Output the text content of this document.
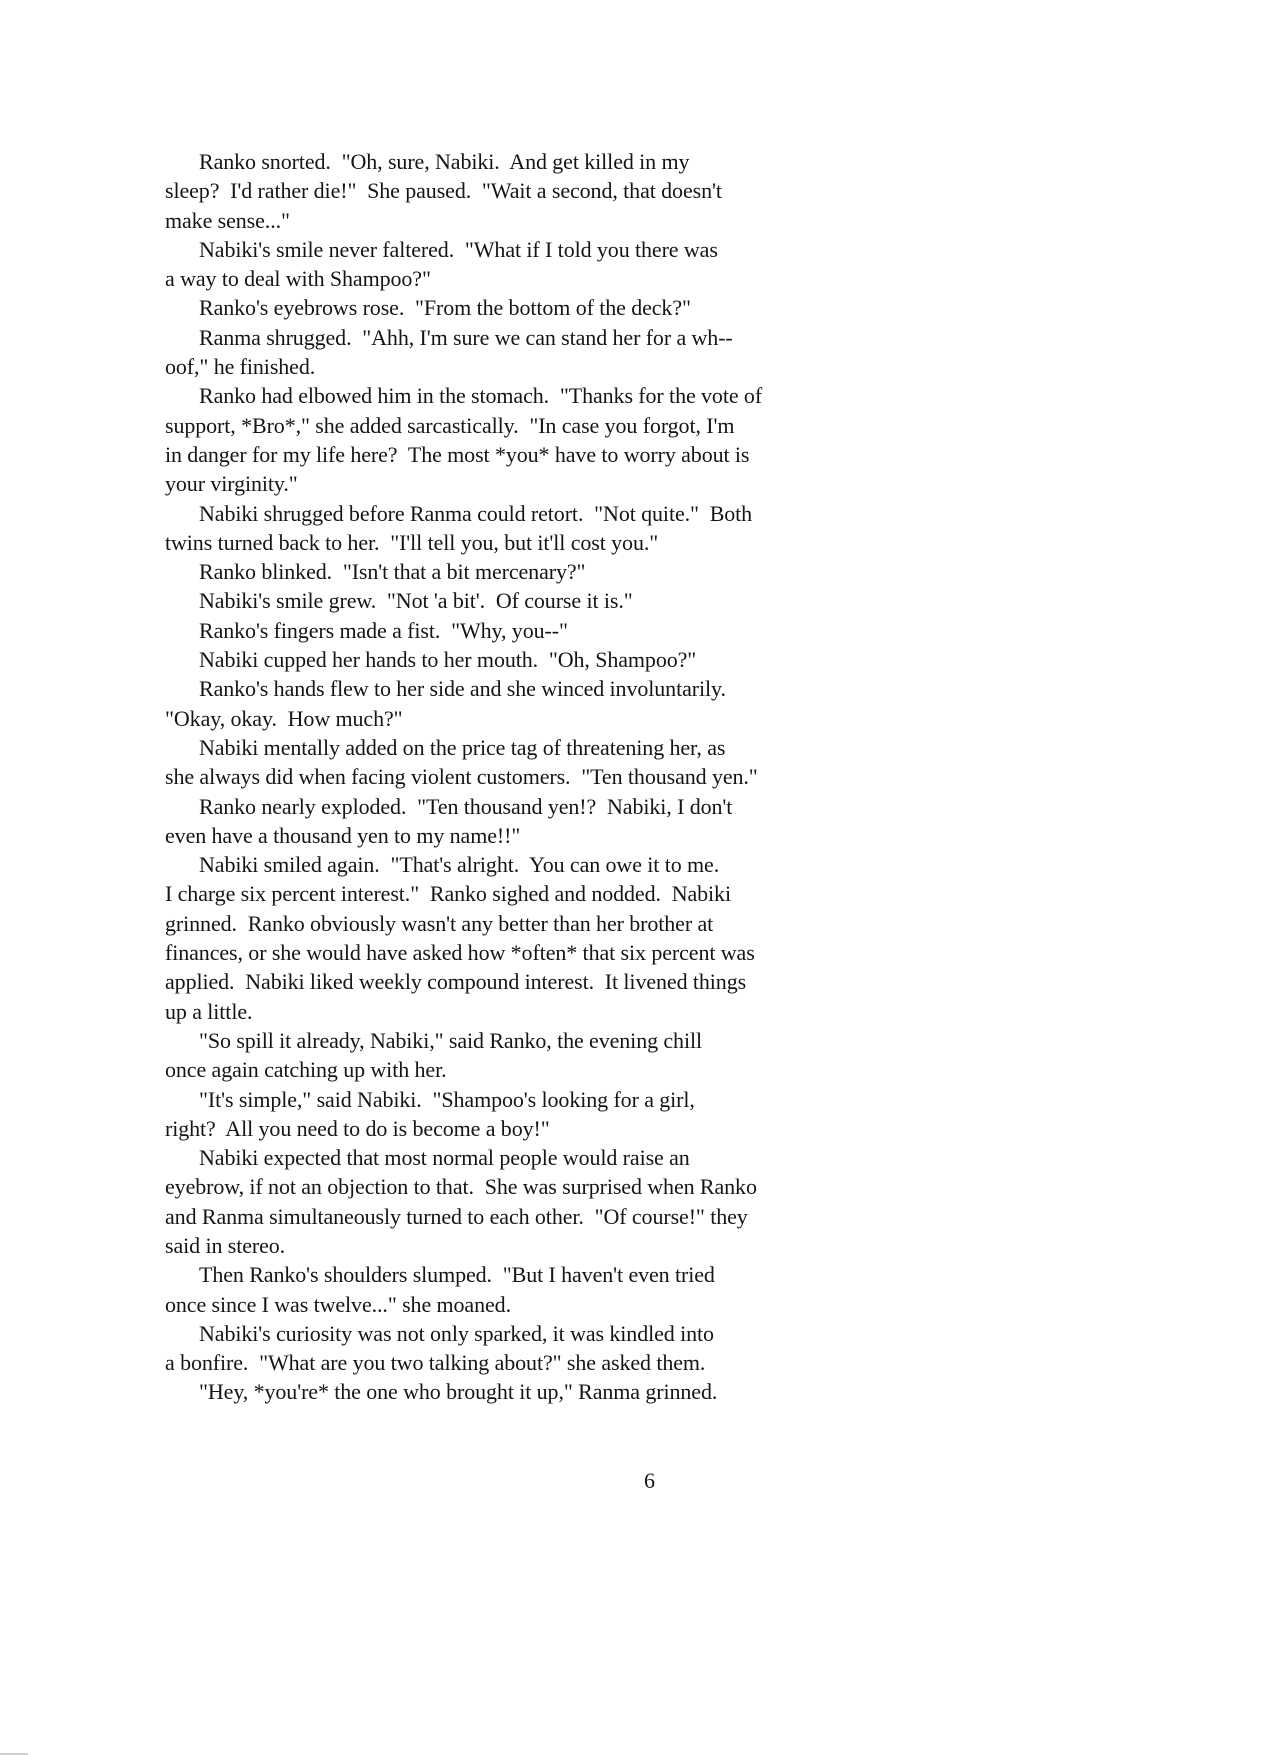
Ranko snorted.  "Oh, sure, Nabiki.  And get killed in my
sleep?  I'd rather die!"  She paused.  "Wait a second, that doesn't
make sense..."
Nabiki's smile never faltered.  "What if I told you there was
a way to deal with Shampoo?"
Ranko's eyebrows rose.  "From the bottom of the deck?"
Ranma shrugged.  "Ahh, I'm sure we can stand her for a wh--
oof," he finished.
Ranko had elbowed him in the stomach.  "Thanks for the vote of
support, *Bro*," she added sarcastically.  "In case you forgot, I'm
in danger for my life here?  The most *you* have to worry about is
your virginity."
Nabiki shrugged before Ranma could retort.  "Not quite."  Both
twins turned back to her.  "I'll tell you, but it'll cost you."
Ranko blinked.  "Isn't that a bit mercenary?"
Nabiki's smile grew.  "Not 'a bit'.  Of course it is."
Ranko's fingers made a fist.  "Why, you--"
Nabiki cupped her hands to her mouth.  "Oh, Shampoo?"
Ranko's hands flew to her side and she winced involuntarily.
"Okay, okay.  How much?"
Nabiki mentally added on the price tag of threatening her, as
she always did when facing violent customers.  "Ten thousand yen."
Ranko nearly exploded.  "Ten thousand yen!?  Nabiki, I don't
even have a thousand yen to my name!!"
Nabiki smiled again.  "That's alright.  You can owe it to me.
I charge six percent interest."  Ranko sighed and nodded.  Nabiki
grinned.  Ranko obviously wasn't any better than her brother at
finances, or she would have asked how *often* that six percent was
applied.  Nabiki liked weekly compound interest.  It livened things
up a little.
"So spill it already, Nabiki," said Ranko, the evening chill
once again catching up with her.
"It's simple," said Nabiki.  "Shampoo's looking for a girl,
right?  All you need to do is become a boy!"
Nabiki expected that most normal people would raise an
eyebrow, if not an objection to that.  She was surprised when Ranko
and Ranma simultaneously turned to each other.  "Of course!" they
said in stereo.
Then Ranko's shoulders slumped.  "But I haven't even tried
once since I was twelve..." she moaned.
Nabiki's curiosity was not only sparked, it was kindled into
a bonfire.  "What are you two talking about?" she asked them.
"Hey, *you're* the one who brought it up," Ranma grinned.
6
